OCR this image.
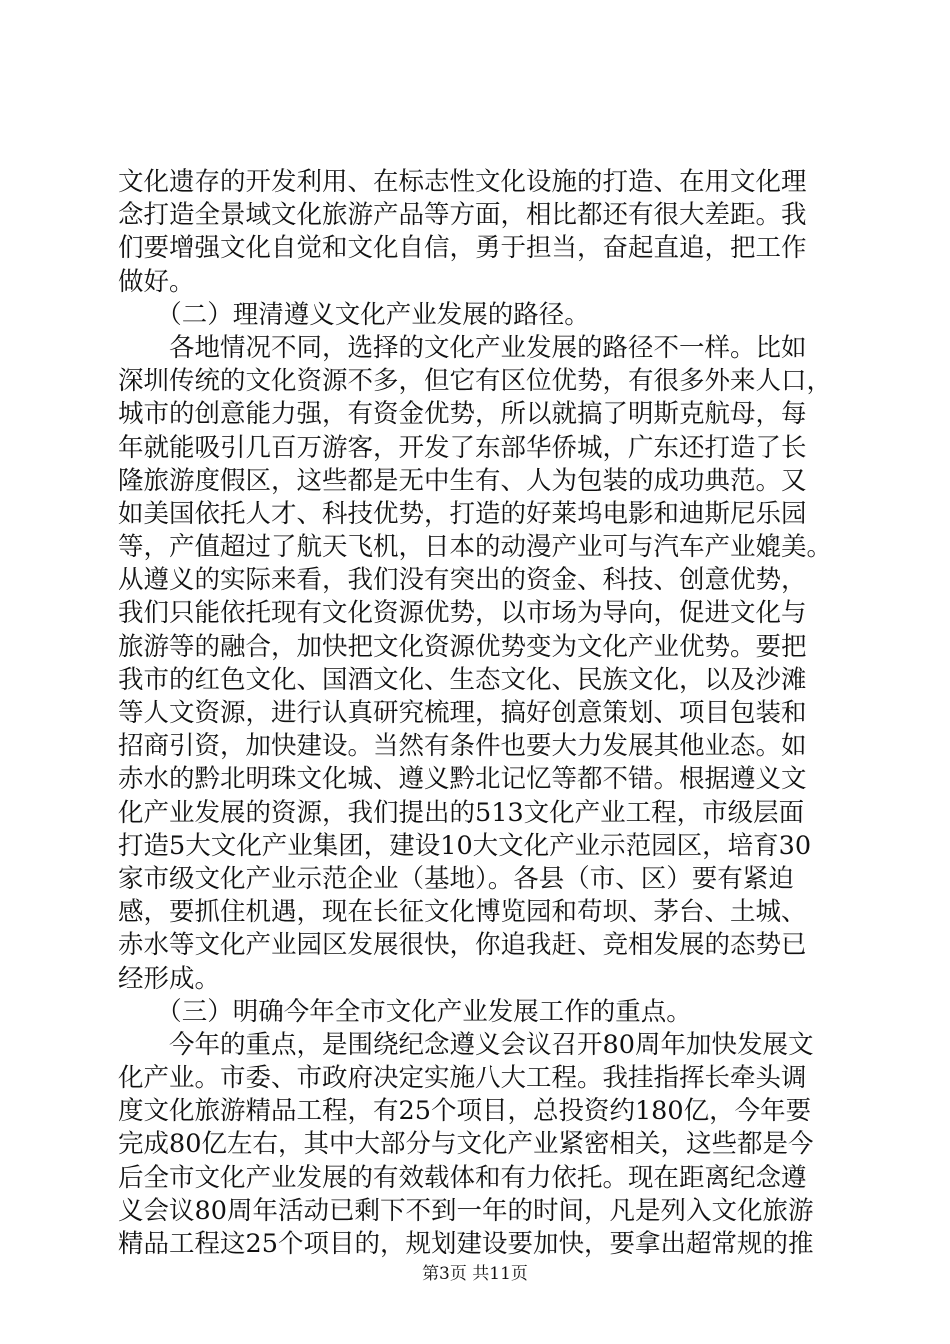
文化遗存的开发利用、在标志性文化设施的打造、在用文化理
念打造全景域文化旅游产品等方面，相比都还有很大差距。我
们要增强文化自觉和文化自信，勇于担当，奋起直追，把工作
做好。
　　（二）理清遵义文化产业发展的路径。
　　各地情况不同，选择的文化产业发展的路径不一样。比如
深圳传统的文化资源不多，但它有区位优势，有很多外来人口，
城市的创意能力强，有资金优势，所以就搞了明斯克航母，每
年就能吸引几百万游客，开发了东部华侨城，广东还打造了长
隆旅游度假区，这些都是无中生有、人为包装的成功典范。又
如美国依托人才、科技优势，打造的好莱坞电影和迪斯尼乐园
等，产值超过了航天飞机，日本的动漫产业可与汽车产业媲美。
从遵义的实际来看，我们没有突出的资金、科技、创意优势，
我们只能依托现有文化资源优势，以市场为导向，促进文化与
旅游等的融合，加快把文化资源优势变为文化产业优势。要把
我市的红色文化、国酒文化、生态文化、民族文化，以及沙滩
等人文资源，进行认真研究梳理，搞好创意策划、项目包装和
招商引资，加快建设。当然有条件也要大力发展其他业态。如
赤水的黔北明珠文化城、遵义黔北记忆等都不错。根据遵义文
化产业发展的资源，我们提出的513文化产业工程，市级层面
打造5大文化产业集团，建设10大文化产业示范园区，培育30
家市级文化产业示范企业（基地）。各县（市、区）要有紧迫
感，要抓住机遇，现在长征文化博览园和苟坝、茅台、土城、
赤水等文化产业园区发展很快，你追我赶、竞相发展的态势已
经形成。
　　（三）明确今年全市文化产业发展工作的重点。
　　今年的重点，是围绕纪念遵义会议召开80周年加快发展文
化产业。市委、市政府决定实施八大工程。我挂指挥长牵头调
度文化旅游精品工程，有25个项目，总投资约180亿，今年要
完成80亿左右，其中大部分与文化产业紧密相关，这些都是今
后全市文化产业发展的有效载体和有力依托。现在距离纪念遵
义会议80周年活动已剩下不到一年的时间，凡是列入文化旅游
精品工程这25个项目的，规划建设要加快，要拿出超常规的推
第3页 共11页
